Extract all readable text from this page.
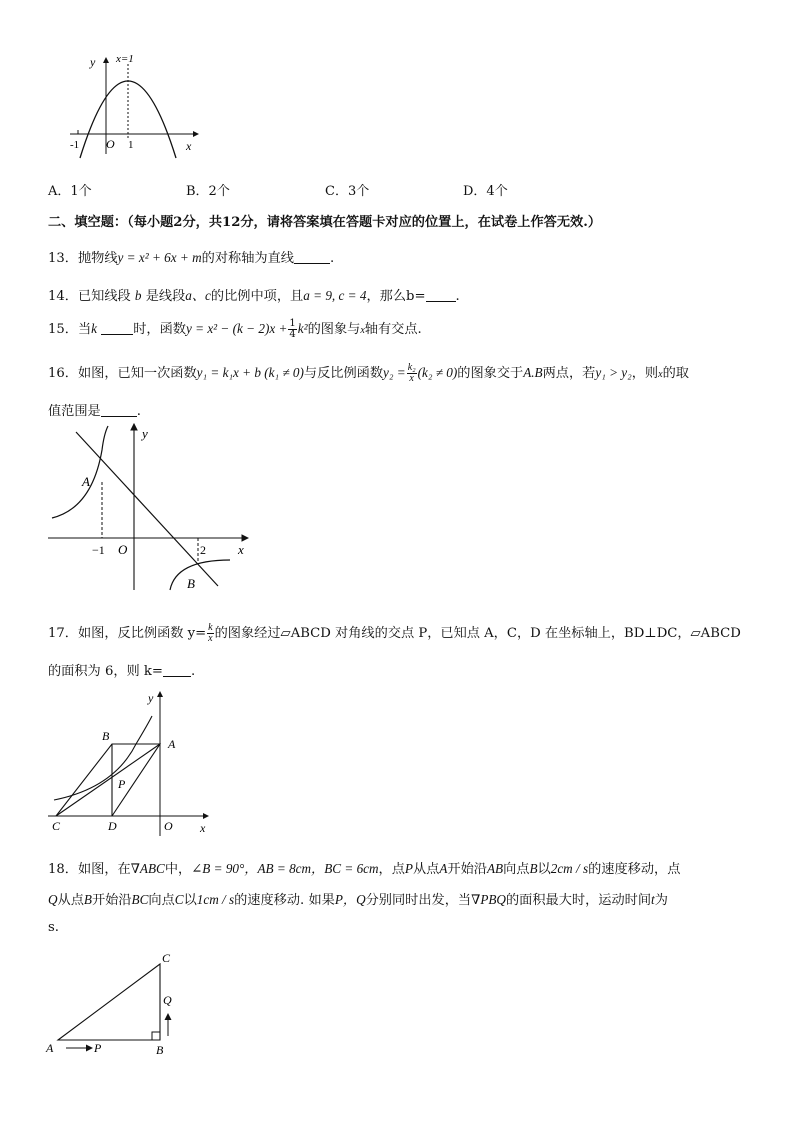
y x=1
-1 O 1	x
A．1个	B．2个	C．3个	D．4个
二、填空题：（每小题2分，共12分，请将答案填在答题卡对应的位置上，在试卷上作答无效.）
13．抛物线y = x² + 6x + m的对称轴为直线	.
14．已知线段 b 是线段a、c的比例中项，且a = 9, c = 4，那么b= .
15．当k	时，函数$y = x^2 - (k - 2)x + \frac{1}{4} k^2$的图象与x轴有交点.
16．如图，已知一次函数y₁ = k₁x + b (k₁ ≠ 0)与反比例函数$y_2 = \frac{\text{k₂}}{x} (k_2 \ne 0)$的图象交于A.B两点，若y₁ > y₂，则x的取
值范围是	.
y
A
O
−1	2 x
B
17．如图，反比例函数 $y= \frac{k}{x}$ 的图象经过▱ABCD 对角线的交点 P，已知点 A，C，D 在坐标轴上，BD⊥DC，▱ABCD
的面积为 6，则 k= .
y
B
A
P
C	D	O x
18．如图，在∇ABC中，∠B = 90°，AB = 8cm，BC = 6cm，点P从点A开始沿AB向点B以2cm / s的速度移动，点
Q从点B开始沿BC向点C以1cm / s的速度移动. 如果P，Q分别同时出发，当∇PBQ的面积最大时，运动时间t为
s.
C
Q
A	P	B
